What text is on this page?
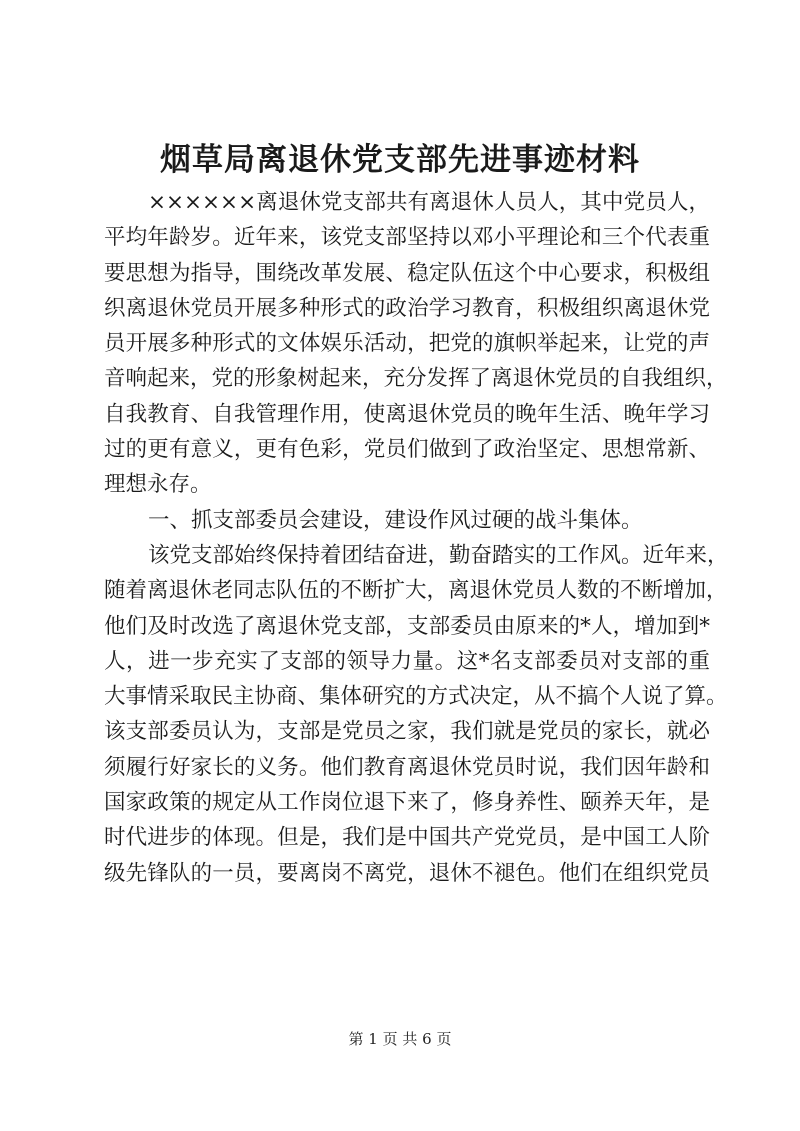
烟草局离退休党支部先进事迹材料

××××××离退休党支部共有离退休人员人，其中党员人，

平均年龄岁。近年来，该党支部坚持以邓小平理论和三个代表重

要思想为指导，围绕改革发展、稳定队伍这个中心要求，积极组

织离退休党员开展多种形式的政治学习教育，积极组织离退休党

员开展多种形式的文体娱乐活动，把党的旗帜举起来，让党的声

音响起来，党的形象树起来，充分发挥了离退休党员的自我组织，

自我教育、自我管理作用，使离退休党员的晚年生活、晚年学习

过的更有意义，更有色彩，党员们做到了政治坚定、思想常新、

理想永存。

一、抓支部委员会建设，建设作风过硬的战斗集体。

该党支部始终保持着团结奋进，勤奋踏实的工作风。近年来，

随着离退休老同志队伍的不断扩大，离退休党员人数的不断增加，

他们及时改选了离退休党支部，支部委员由原来的*人，增加到*

人，进一步充实了支部的领导力量。这*名支部委员对支部的重

大事情采取民主协商、集体研究的方式决定，从不搞个人说了算。

该支部委员认为，支部是党员之家，我们就是党员的家长，就必

须履行好家长的义务。他们教育离退休党员时说，我们因年龄和

国家政策的规定从工作岗位退下来了，修身养性、颐养天年，是

时代进步的体现。但是，我们是中国共产党党员，是中国工人阶

级先锋队的一员，要离岗不离党，退休不褪色。他们在组织党员

第 1 页 共 6 页
